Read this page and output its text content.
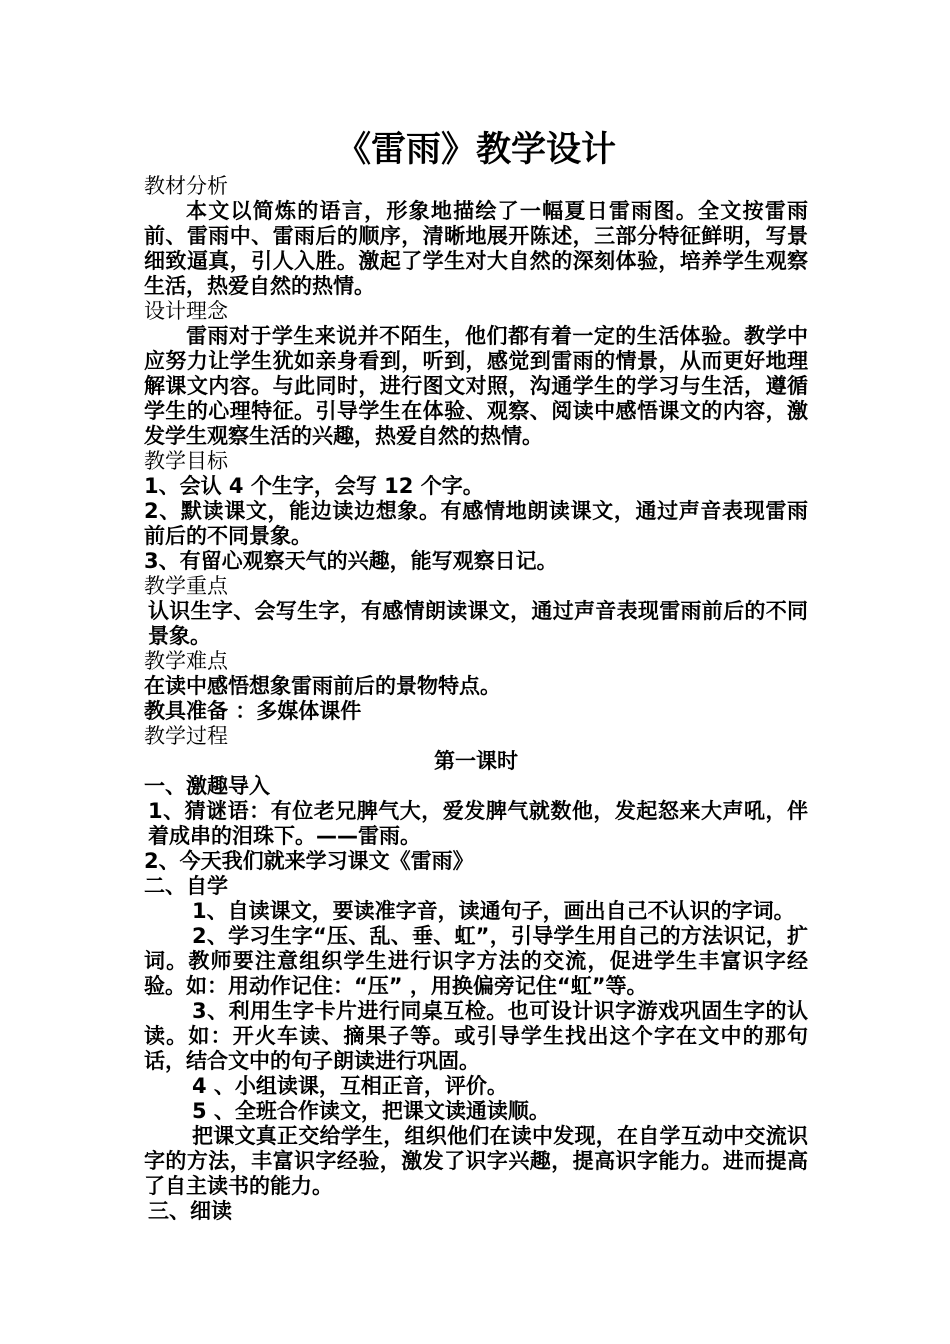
《雷雨》教学设计
教材分析

本文以简炼的语言，形象地描绘了一幅夏日雷雨图。全文按雷雨前、雷雨中、雷雨后的顺序，清晰地展开陈述，三部分特征鲜明，写景细致逼真，引人入胜。激起了学生对大自然的深刻体验，培养学生观察生活，热爱自然的热情。

设计理念

雷雨对于学生来说并不陌生，他们都有着一定的生活体验。教学中应努力让学生犹如亲身看到，听到，感觉到雷雨的情景，从而更好地理解课文内容。与此同时，进行图文对照，沟通学生的学习与生活，遵循学生的心理特征。引导学生在体验、观察、阅读中感悟课文的内容，激发学生观察生活的兴趣，热爱自然的热情。

教学目标

1、会认 4 个生字，会写 12 个字。

2、默读课文，能边读边想象。有感情地朗读课文，通过声音表现雷雨前后的不同景象。

3、有留心观察天气的兴趣，能写观察日记。

教学重点

认识生字、会写生字，有感情朗读课文，通过声音表现雷雨前后的不同景象。

教学难点

在读中感悟想象雷雨前后的景物特点。

教具准备 ：多媒体课件
教学过程
第一课时
一、激趣导入

1、猜谜语：有位老兄脾气大，爱发脾气就数他，发起怒来大声吼，伴着成串的泪珠下。——雷雨。

2、今天我们就来学习课文《雷雨》

二、自学

1、自读课文，要读准字音，读通句子，画出自己不认识的字词。

2、学习生字“压、乱、垂、虹”，引导学生用自己的方法识记，扩词。教师要注意组织学生进行识字方法的交流，促进学生丰富识字经验。如：用动作记住：“压” ，用换偏旁记住“虹”等。

3、利用生字卡片进行同桌互检。也可设计识字游戏巩固生字的认读。如：开火车读、摘果子等。或引导学生找出这个字在文中的那句话，结合文中的句子朗读进行巩固。

4 、小组读课，互相正音，评价。

5 、全班合作读文，把课文读通读顺。

把课文真正交给学生，组织他们在读中发现，在自学互动中交流识字的方法，丰富识字经验，激发了识字兴趣，提高识字能力。进而提高了自主读书的能力。

三、细读
